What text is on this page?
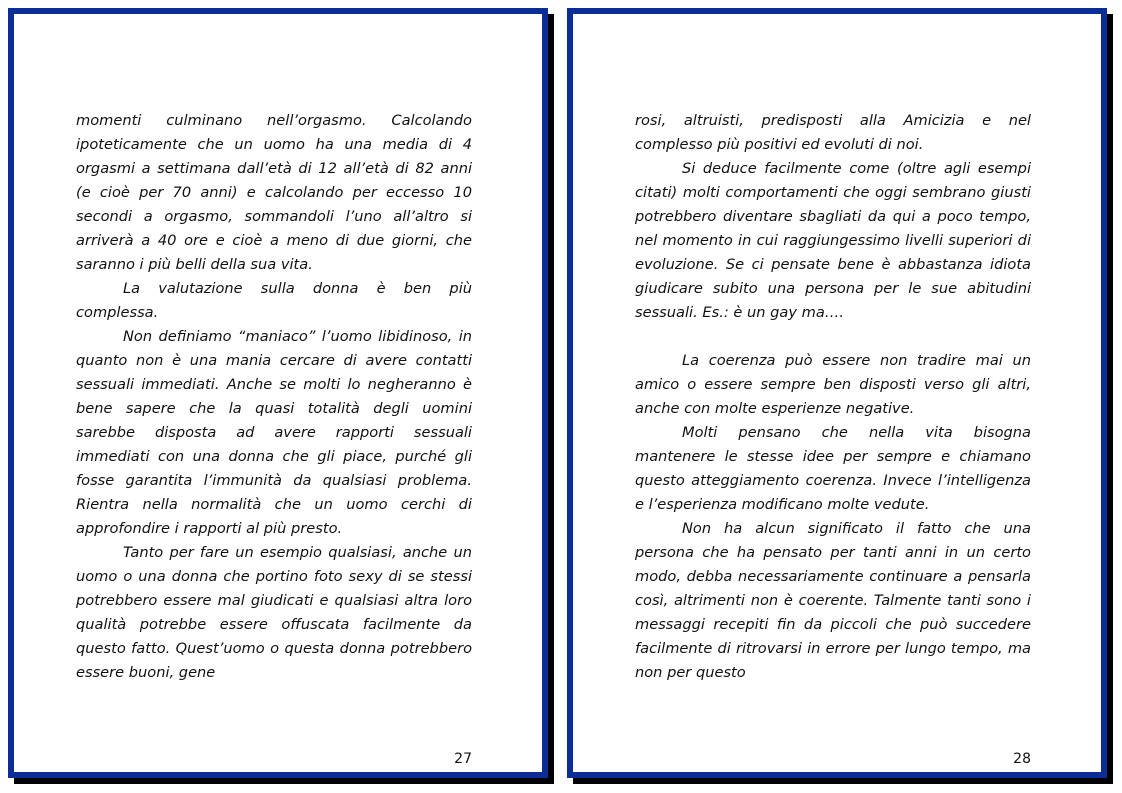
momenti culminano nell’orgasmo. Calcolando ipoteticamente che un uomo ha una media di 4 orgasmi a settimana dall’età di 12 all’età di 82 anni (e cioè per 70 anni) e calcolando per eccesso 10 secondi a orgasmo, sommandoli l’uno all’altro si arriverà a 40 ore e cioè a meno di due giorni, che saranno i più belli della sua vita.

La valutazione sulla donna è ben più complessa.

Non definiamo “maniaco” l’uomo libidinoso, in quanto non è una mania cercare di avere contatti sessuali immediati. Anche se molti lo negheranno è bene sapere che la quasi totalità degli uomini sarebbe disposta ad avere rapporti sessuali immediati con una donna che gli piace, purché gli fosse garantita l’immunità da qualsiasi problema. Rientra nella normalità che un uomo cerchi di approfondire i rapporti al più presto.

Tanto per fare un esempio qualsiasi, anche un uomo o una donna che portino foto sexy di se stessi potrebbero essere mal giudicati e qualsiasi altra loro qualità potrebbe essere offuscata facilmente da questo fatto. Quest’uomo o questa donna potrebbero essere buoni, gene

27

rosi, altruisti, predisposti alla Amicizia e nel complesso più positivi ed evoluti di noi.

Si deduce facilmente come (oltre agli esempi citati) molti comportamenti che oggi sembrano giusti potrebbero diventare sbagliati da qui a poco tempo, nel momento in cui raggiungessimo livelli superiori di evoluzione. Se ci pensate bene è abbastanza idiota giudicare subito una persona per le sue abitudini sessuali. Es.: è un gay ma….

La coerenza può essere non tradire mai un amico o essere sempre ben disposti verso gli altri, anche con molte esperienze negative.

Molti pensano che nella vita bisogna mantenere le stesse idee per sempre e chiamano questo atteggiamento coerenza. Invece l’intelligenza e l’esperienza modificano molte vedute.

Non ha alcun significato il fatto che una persona che ha pensato per tanti anni in un certo modo, debba necessariamente continuare a pensarla così, altrimenti non è coerente. Talmente tanti sono i messaggi recepiti fin da piccoli che può succedere facilmente di ritrovarsi in errore per lungo tempo, ma non per questo

28
